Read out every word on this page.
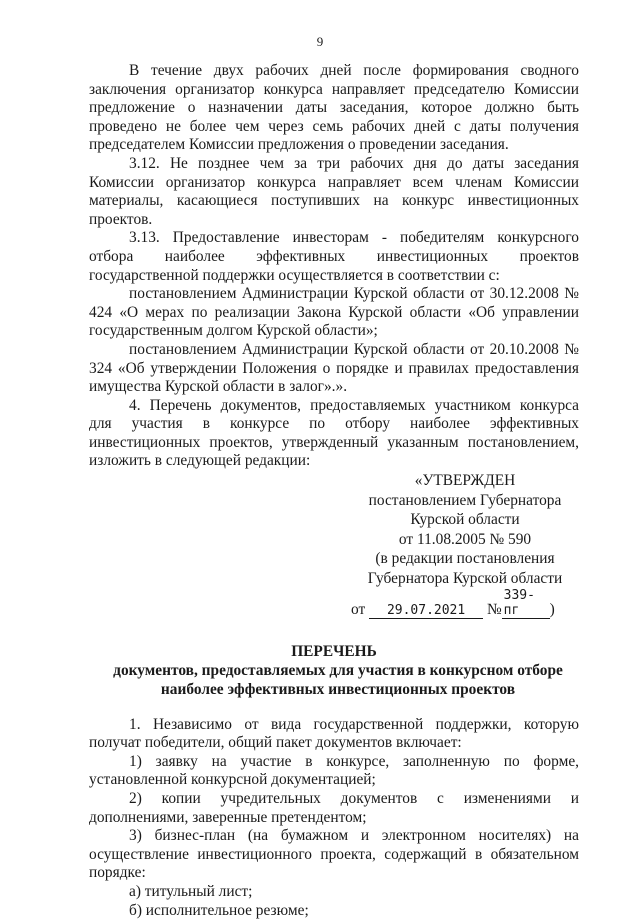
9

В течение двух рабочих дней после формирования сводного заключения организатор конкурса направляет председателю Комиссии предложение о назначении даты заседания, которое должно быть проведено не более чем через семь рабочих дней с даты получения председателем Комиссии предложения о проведении заседания.

3.12. Не позднее чем за три рабочих дня до даты заседания Комиссии организатор конкурса направляет всем членам Комиссии материалы, касающиеся поступивших на конкурс инвестиционных проектов.

3.13. Предоставление инвесторам - победителям конкурсного отбора наиболее эффективных инвестиционных проектов государственной поддержки осуществляется в соответствии с:

постановлением Администрации Курской области от 30.12.2008 № 424 «О мерах по реализации Закона Курской области «Об управлении государственным долгом Курской области»;

постановлением Администрации Курской области от 20.10.2008 № 324 «Об утверждении Положения о порядке и правилах предоставления имущества Курской области в залог».».

4. Перечень документов, предоставляемых участником конкурса для участия в конкурсе по отбору наиболее эффективных инвестиционных проектов, утвержденный указанным постановлением, изложить в следующей редакции:

«УТВЕРЖДЕН
постановлением Губернатора
Курской области
от 11.08.2005 № 590
(в редакции постановления
Губернатора Курской области
от 29.07.2021 №339-пг )
ПЕРЕЧЕНЬ
документов, предоставляемых для участия в конкурсном отборе
наиболее эффективных инвестиционных проектов

1. Независимо от вида государственной поддержки, которую получат победители, общий пакет документов включает:

1) заявку на участие в конкурсе, заполненную по форме, установленной конкурсной документацией;

2) копии учредительных документов с изменениями и дополнениями, заверенные претендентом;

3) бизнес-план (на бумажном и электронном носителях) на осуществление инвестиционного проекта, содержащий в обязательном порядке:

а) титульный лист;

б) исполнительное резюме;
